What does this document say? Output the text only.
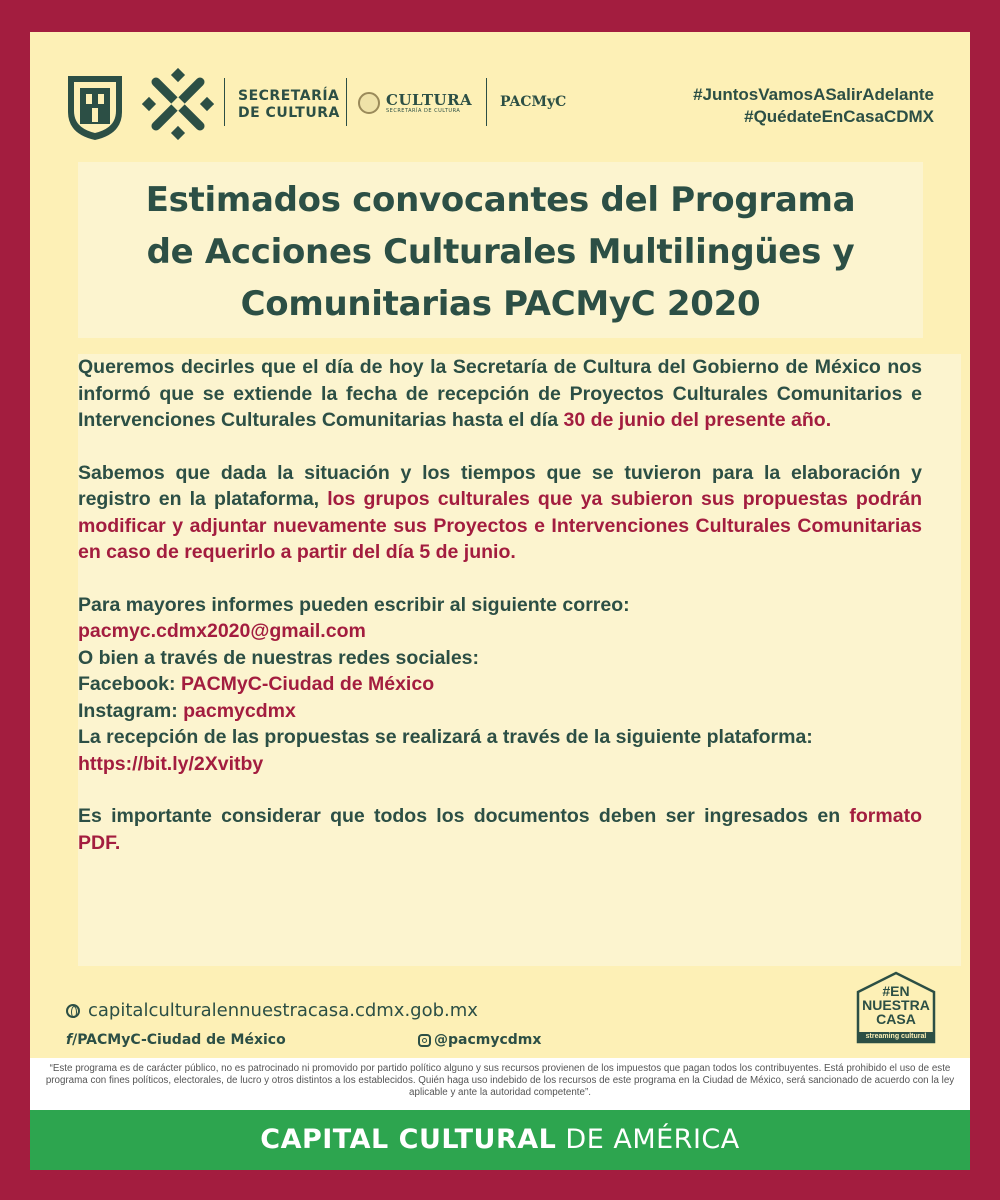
SECRETARÍA
DE CULTURA
CULTURA
SECRETARÍA DE CULTURA
PACMyC	#JuntosVamosASalirAdelante
#QuédateEnCasaCDMX
Estimados convocantes del Programa
de Acciones Culturales Multilingües y
Comunitarias PACMyC 2020

Queremos decirles que el día de hoy la Secretaría de Cultura del Gobierno de México nos informó que se extiende la fecha de recepción de Proyectos Culturales Comunitarios e Intervenciones Culturales Comunitarias hasta el día 30 de junio del presente año.

Sabemos que dada la situación y los tiempos que se tuvieron para la elaboración y registro en la plataforma, los grupos culturales que ya subieron sus propuestas podrán modificar y adjuntar nuevamente sus Proyectos e Intervenciones Culturales Comunitarias en caso de requerirlo a partir del día 5 de junio.

Para mayores informes pueden escribir al siguiente correo:

pacmyc.cdmx2020@gmail.com

O bien a través de nuestras redes sociales:

Facebook: PACMyC-Ciudad de México

Instagram: pacmycdmx

La recepción de las propuestas se realizará a través de la siguiente plataforma:

https://bit.ly/2Xvitby

Es importante considerar que todos los documentos deben ser ingresados en formato PDF.

capitalculturalennuestracasa.cdmx.gob.mx
f/PACMyC-Ciudad de México	@pacmycdmx
#EN
NUESTRA
CASA
streaming cultural
“Este programa es de carácter público, no es patrocinado ni promovido por partido político alguno y sus recursos provienen de los impuestos que pagan todos los contribuyentes. Está prohibido el uso de este programa con fines políticos, electorales, de lucro y otros distintos a los establecidos. Quién haga uso indebido de los recursos de este programa en la Ciudad de México, será sancionado de acuerdo con la ley aplicable y ante la autoridad competente”.
CAPITAL CULTURAL DE AMÉRICA
